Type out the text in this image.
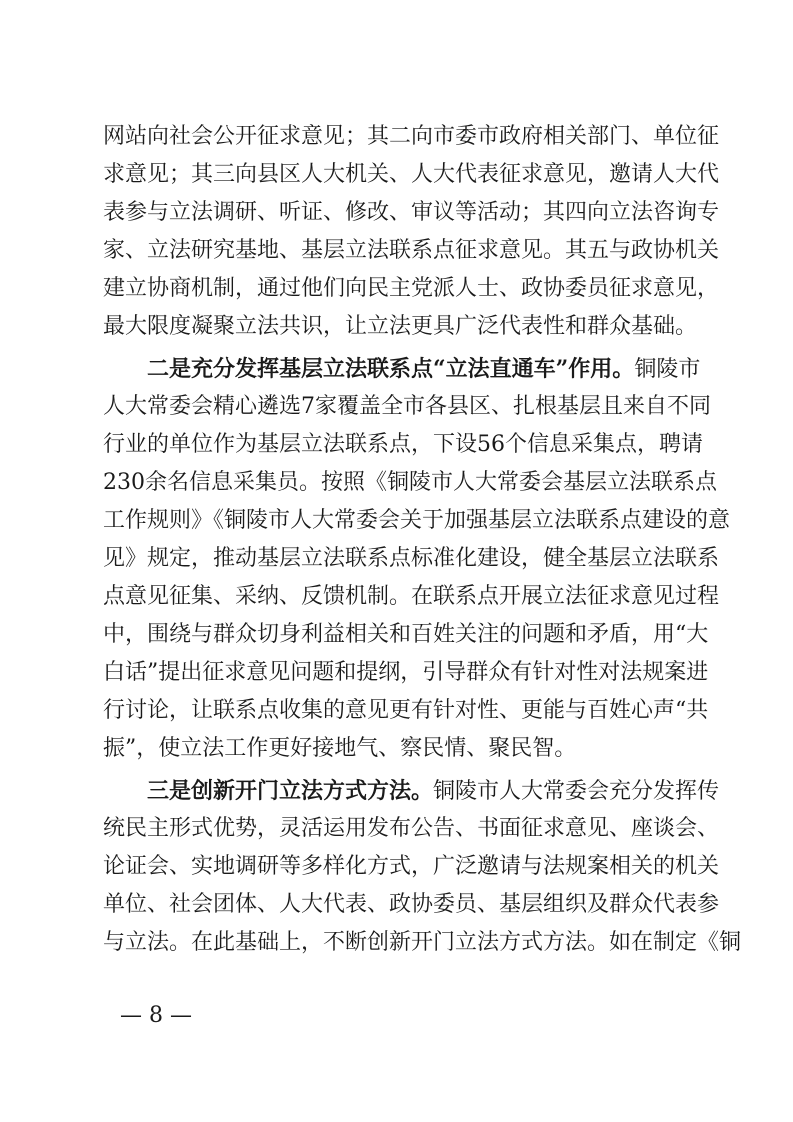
网站向社会公开征求意见；其二向市委市政府相关部门、单位征
求意见；其三向县区人大机关、人大代表征求意见，邀请人大代
表参与立法调研、听证、修改、审议等活动；其四向立法咨询专
家、立法研究基地、基层立法联系点征求意见。其五与政协机关
建立协商机制，通过他们向民主党派人士、政协委员征求意见，
最大限度凝聚立法共识，让立法更具广泛代表性和群众基础。
二是充分发挥基层立法联系点“立法直通车”作用。铜陵市
人大常委会精心遴选7家覆盖全市各县区、扎根基层且来自不同
行业的单位作为基层立法联系点，下设56个信息采集点，聘请
230余名信息采集员。按照《铜陵市人大常委会基层立法联系点
工作规则》《铜陵市人大常委会关于加强基层立法联系点建设的意
见》规定，推动基层立法联系点标准化建设，健全基层立法联系
点意见征集、采纳、反馈机制。在联系点开展立法征求意见过程
中，围绕与群众切身利益相关和百姓关注的问题和矛盾，用“大
白话”提出征求意见问题和提纲，引导群众有针对性对法规案进
行讨论，让联系点收集的意见更有针对性、更能与百姓心声“共
振”，使立法工作更好接地气、察民情、聚民智。
三是创新开门立法方式方法。铜陵市人大常委会充分发挥传
统民主形式优势，灵活运用发布公告、书面征求意见、座谈会、
论证会、实地调研等多样化方式，广泛邀请与法规案相关的机关
单位、社会团体、人大代表、政协委员、基层组织及群众代表参
与立法。在此基础上，不断创新开门立法方式方法。如在制定《铜
— 8 —
